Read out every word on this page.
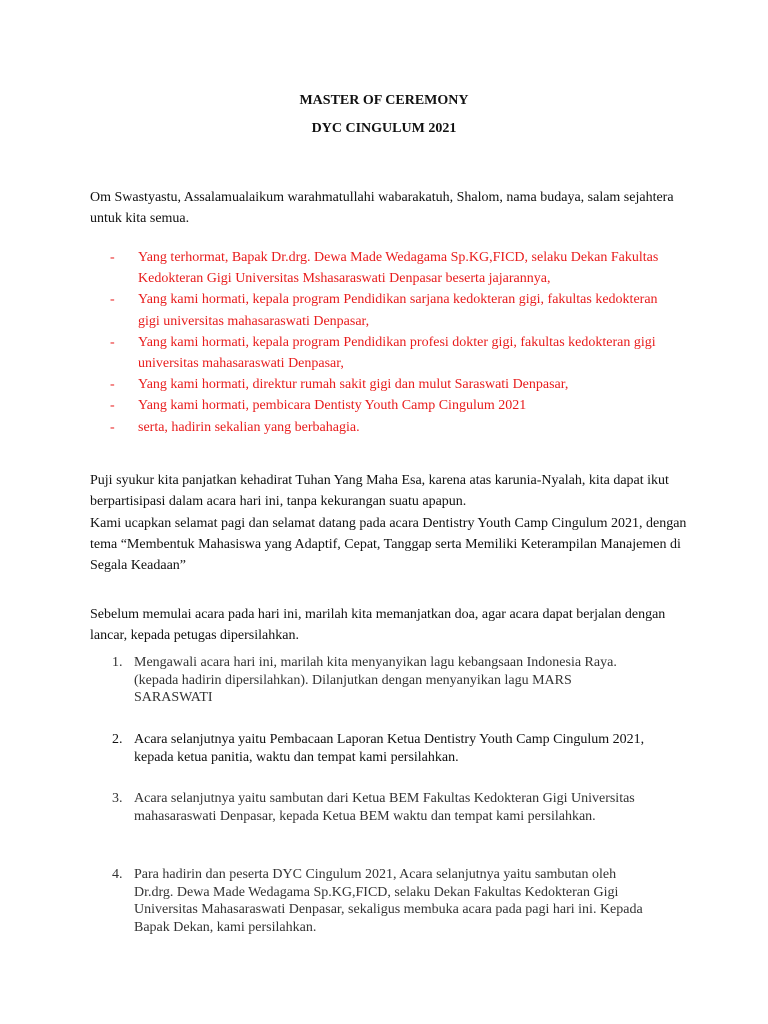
MASTER OF CEREMONY
DYC CINGULUM 2021
Om Swastyastu, Assalamualaikum warahmatullahi wabarakatuh, Shalom, nama budaya, salam sejahtera untuk kita semua.
- Yang terhormat, Bapak Dr.drg. Dewa Made Wedagama Sp.KG,FICD, selaku Dekan Fakultas Kedokteran Gigi Universitas Mshasaraswati Denpasar beserta jajarannya,
- Yang kami hormati, kepala program Pendidikan sarjana kedokteran gigi, fakultas kedokteran gigi universitas mahasaraswati Denpasar,
- Yang kami hormati, kepala program Pendidikan profesi dokter gigi, fakultas kedokteran gigi universitas mahasaraswati Denpasar,
- Yang kami hormati, direktur rumah sakit gigi dan mulut Saraswati Denpasar,
- Yang kami hormati, pembicara Dentisty Youth Camp Cingulum 2021
- serta, hadirin sekalian yang berbahagia.
Puji syukur kita panjatkan kehadirat Tuhan Yang Maha Esa, karena atas karunia-Nyalah, kita dapat ikut berpartisipasi dalam acara hari ini, tanpa kekurangan suatu apapun.
Kami ucapkan selamat pagi dan selamat datang pada acara Dentistry Youth Camp Cingulum 2021, dengan tema “Membentuk Mahasiswa yang Adaptif, Cepat, Tanggap serta Memiliki Keterampilan Manajemen di Segala Keadaan”
Sebelum memulai acara pada hari ini, marilah kita memanjatkan doa, agar acara dapat berjalan dengan lancar, kepada petugas dipersilahkan.
1. Mengawali acara hari ini, marilah kita menyanyikan lagu kebangsaan Indonesia Raya. (kepada hadirin dipersilahkan). Dilanjutkan dengan menyanyikan lagu MARS SARASWATI
2. Acara selanjutnya yaitu Pembacaan Laporan Ketua Dentistry Youth Camp Cingulum 2021, kepada ketua panitia, waktu dan tempat kami persilahkan.
3. Acara selanjutnya yaitu sambutan dari Ketua BEM Fakultas Kedokteran Gigi Universitas mahasaraswati Denpasar, kepada Ketua BEM waktu dan tempat kami persilahkan.
4. Para hadirin dan peserta DYC Cingulum 2021, Acara selanjutnya yaitu sambutan oleh Dr.drg. Dewa Made Wedagama Sp.KG,FICD, selaku Dekan Fakultas Kedokteran Gigi Universitas Mahasaraswati Denpasar, sekaligus membuka acara pada pagi hari ini. Kepada Bapak Dekan, kami persilahkan.
